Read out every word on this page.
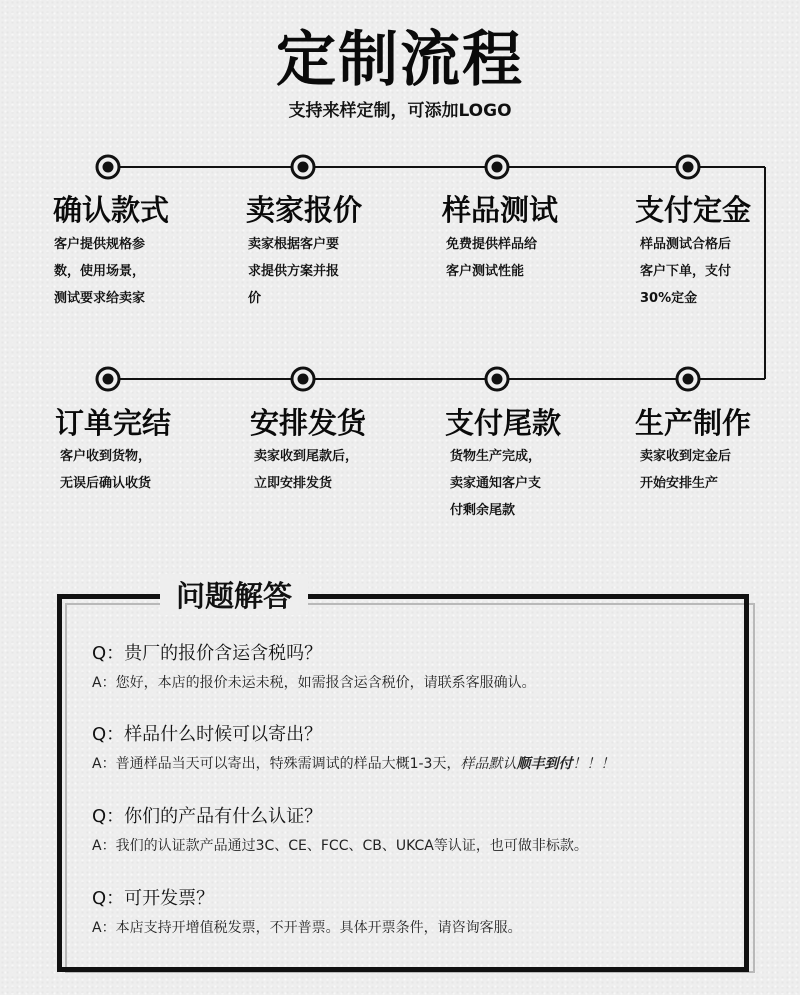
定制流程
支持来样定制，可添加LOGO
确认款式
客户提供规格参
数，使用场景，
测试要求给卖家
卖家报价
卖家根据客户要
求提供方案并报
价
样品测试
免费提供样品给
客户测试性能
支付定金
样品测试合格后
客户下单，支付
30%定金
订单完结
客户收到货物，
无误后确认收货
安排发货
卖家收到尾款后，
立即安排发货
支付尾款
货物生产完成，
卖家通知客户支
付剩余尾款
生产制作
卖家收到定金后
开始安排生产
问题解答
Q：贵厂的报价含运含税吗？
A：您好，本店的报价未运未税，如需报含运含税价，请联系客服确认。
Q：样品什么时候可以寄出？
A：普通样品当天可以寄出，特殊需调试的样品大概1-3天，样品默认顺丰到付！！！
Q：你们的产品有什么认证？
A：我们的认证款产品通过3C、CE、FCC、CB、UKCA等认证，也可做非标款。
Q：可开发票？
A：本店支持开增值税发票，不开普票。具体开票条件，请咨询客服。
